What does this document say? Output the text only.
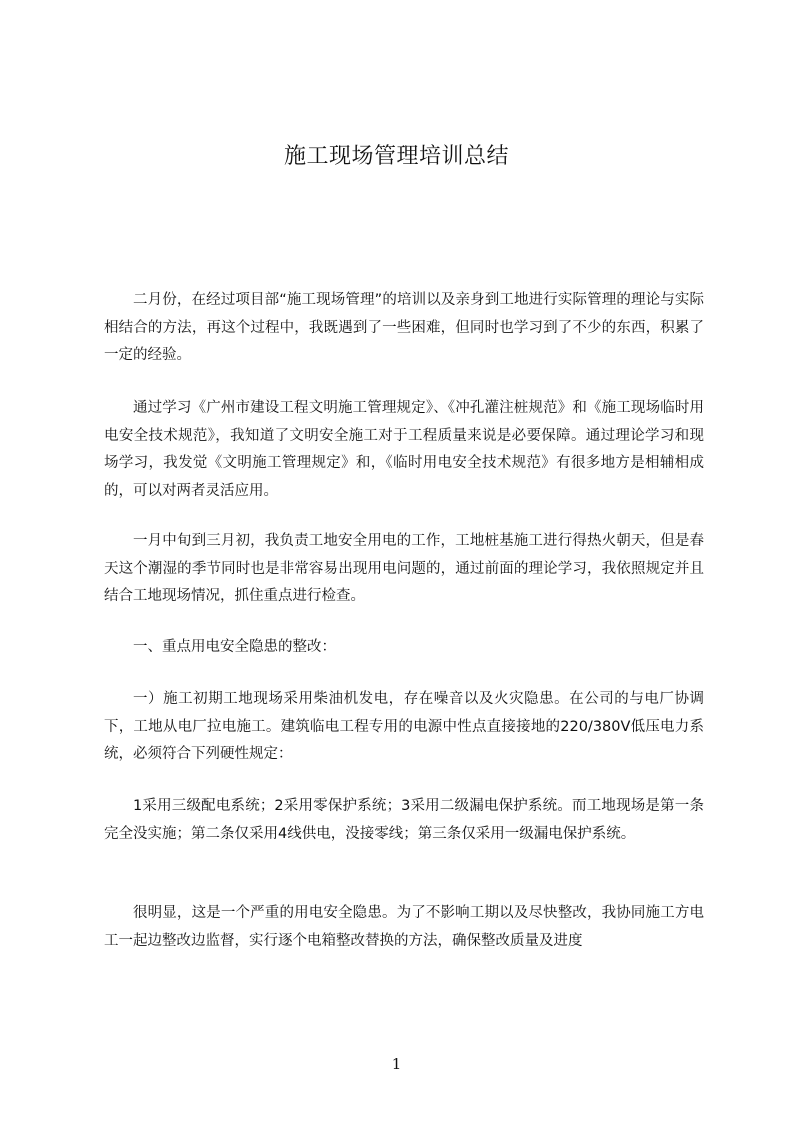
施工现场管理培训总结
二月份，在经过项目部“施工现场管理”的培训以及亲身到工地进行实际管理的理论与实际相结合的方法，再这个过程中，我既遇到了一些困难，但同时也学习到了不少的东西，积累了一定的经验。
通过学习《广州市建设工程文明施工管理规定》、《冲孔灌注桩规范》和《施工现场临时用电安全技术规范》，我知道了文明安全施工对于工程质量来说是必要保障。通过理论学习和现场学习，我发觉《文明施工管理规定》和，《临时用电安全技术规范》有很多地方是相辅相成的，可以对两者灵活应用。
一月中旬到三月初，我负责工地安全用电的工作，工地桩基施工进行得热火朝天，但是春天这个潮湿的季节同时也是非常容易出现用电问题的，通过前面的理论学习，我依照规定并且结合工地现场情况，抓住重点进行检查。
一、重点用电安全隐患的整改：
一）施工初期工地现场采用柴油机发电，存在噪音以及火灾隐患。在公司的与电厂协调下，工地从电厂拉电施工。建筑临电工程专用的电源中性点直接接地的220/380V低压电力系统，必须符合下列硬性规定：
1采用三级配电系统；2采用零保护系统；3采用二级漏电保护系统。而工地现场是第一条完全没实施；第二条仅采用4线供电，没接零线；第三条仅采用一级漏电保护系统。
很明显，这是一个严重的用电安全隐患。为了不影响工期以及尽快整改，我协同施工方电工一起边整改边监督，实行逐个电箱整改替换的方法，确保整改质量及进度
1
